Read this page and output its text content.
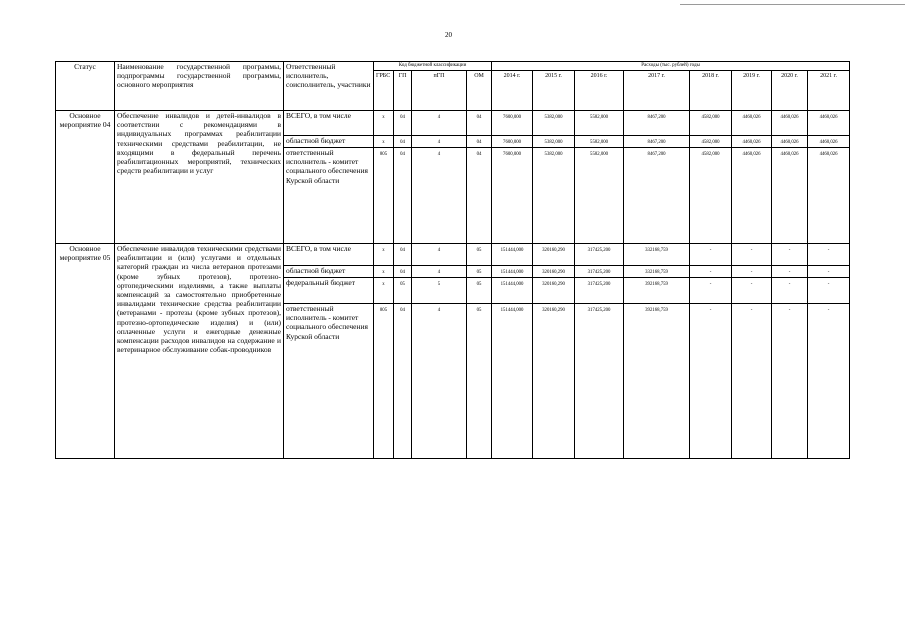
20
Статус	Наименование государственной программы, подпрограммы государственной программы, основного мероприятия	Ответственный исполнитель, соисполнитель, участники	Код бюджетной классификации				Расходы (тыс. рублей) годы							
			ГРБС	ГП	пГП	ОМ	2014 г.	2015 г.	2016 г.	2017 г.	2018 г.	2019 г.	2020 г.	2021 г.
Основное мероприятие 04	Обеспечение инвалидов и детей-инвалидов в соответствии с рекомендациями в индивидуальных программах реабилитации техническими средствами реабилитации, не входящими в федеральный перечень реабилитационных мероприятий, технических средств реабилитации и услуг	ВСЕГО, в том числе	х	04	4	04	7600,000	5382,000	5582,000	8467,200	4582,000	4460,026	4460,026	4460,026
		областной бюджет	х	04	4	04	7600,000	5382,000	5582,000	8467,200	4582,000	4460,026	4460,026	4460,026
		ответственный исполнитель - комитет социального обеспечения Курской области	805	04	4	04	7600,000	5382,000	5582,000	8467,200	4582,000	4460,026	4460,026	4460,026
Основное мероприятие 05	Обеспечение инвалидов техническими средствами реабилитации и (или) услугами и отдельных категорий граждан из числа ветеранов протезами (кроме зубных протезов), протезно-ортопедическими изделиями, а также выплаты компенсаций за самостоятельно приобретенные инвалидами технические средства реабилитации (ветеранами - протезы (кроме зубных протезов), протезно-ортопедические изделия) и (или) оплаченные услуги и ежегодные денежные компенсации расходов инвалидов на содержание и ветеринарное обслуживание собак-проводников	ВСЕГО, в том числе	х	04	4	05	151444,000	320160,290	317425,200	332168,759	-	-	-	-
		областной бюджет	х	04	4	05	151444,000	320160,290	317425,200	332168,759	-	-	-	-
		федеральный бюджет	х	05	5	05	151444,000	320160,290	317425,200	392168,759	-	-	-	-
		ответственный исполнитель - комитет социального обеспечения Курской области	805	04	4	05	151444,000	320160,290	317425,200	392168,759	-	-	-	-
